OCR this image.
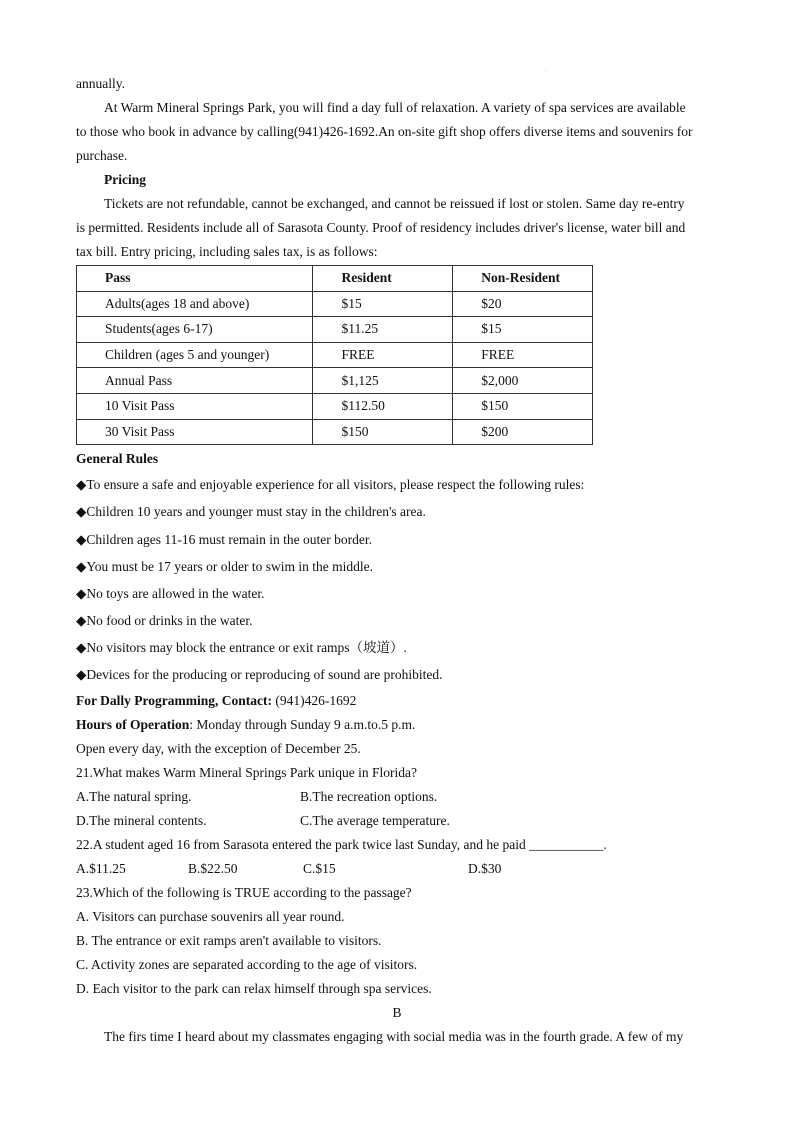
.
annually.
At Warm Mineral Springs Park, you will find a day full of relaxation. A variety of spa services are available
to those who book in advance by calling(941)426-1692.An on-site gift shop offers diverse items and souvenirs for
purchase.
Pricing
Tickets are not refundable, cannot be exchanged, and cannot be reissued if lost or stolen. Same day re-entry
is permitted. Residents include all of Sarasota County. Proof of residency includes driver's license, water bill and
tax bill. Entry pricing, including sales tax, is as follows:
Pass	Resident	Non-Resident
Adults(ages 18 and above)	$15	$20
Students(ages 6-17)	$11.25	$15
Children (ages 5 and younger)	FREE	FREE
Annual Pass	$1,125	$2,000
10 Visit Pass	$112.50	$150
30 Visit Pass	$150	$200
General Rules
◆To ensure a safe and enjoyable experience for all visitors, please respect the following rules:
◆Children 10 years and younger must stay in the children's area.
◆Children ages 11-16 must remain in the outer border.
◆You must be 17 years or older to swim in the middle.
◆No toys are allowed in the water.
◆No food or drinks in the water.
◆No visitors may block the entrance or exit ramps（坡道）.
◆Devices for the producing or reproducing of sound are prohibited.
For Dally Programming, Contact: (941)426-1692
Hours of Operation: Monday through Sunday 9 a.m.to.5 p.m.
Open every day, with the exception of December 25.
21.What makes Warm Mineral Springs Park unique in Florida?
A.The natural spring.	B.The recreation options.
D.The mineral contents.	C.The average temperature.
22.A student aged 16 from Sarasota entered the park twice last Sunday, and he paid ___________.
A.$11.25	B.$22.50	C.$15	D.$30
23.Which of the following is TRUE according to the passage?
A. Visitors can purchase souvenirs all year round.
B. The entrance or exit ramps aren't available to visitors.
C. Activity zones are separated according to the age of visitors.
D. Each visitor to the park can relax himself through spa services.
B
The firs time I heard about my classmates engaging with social media was in the fourth grade. A few of my
